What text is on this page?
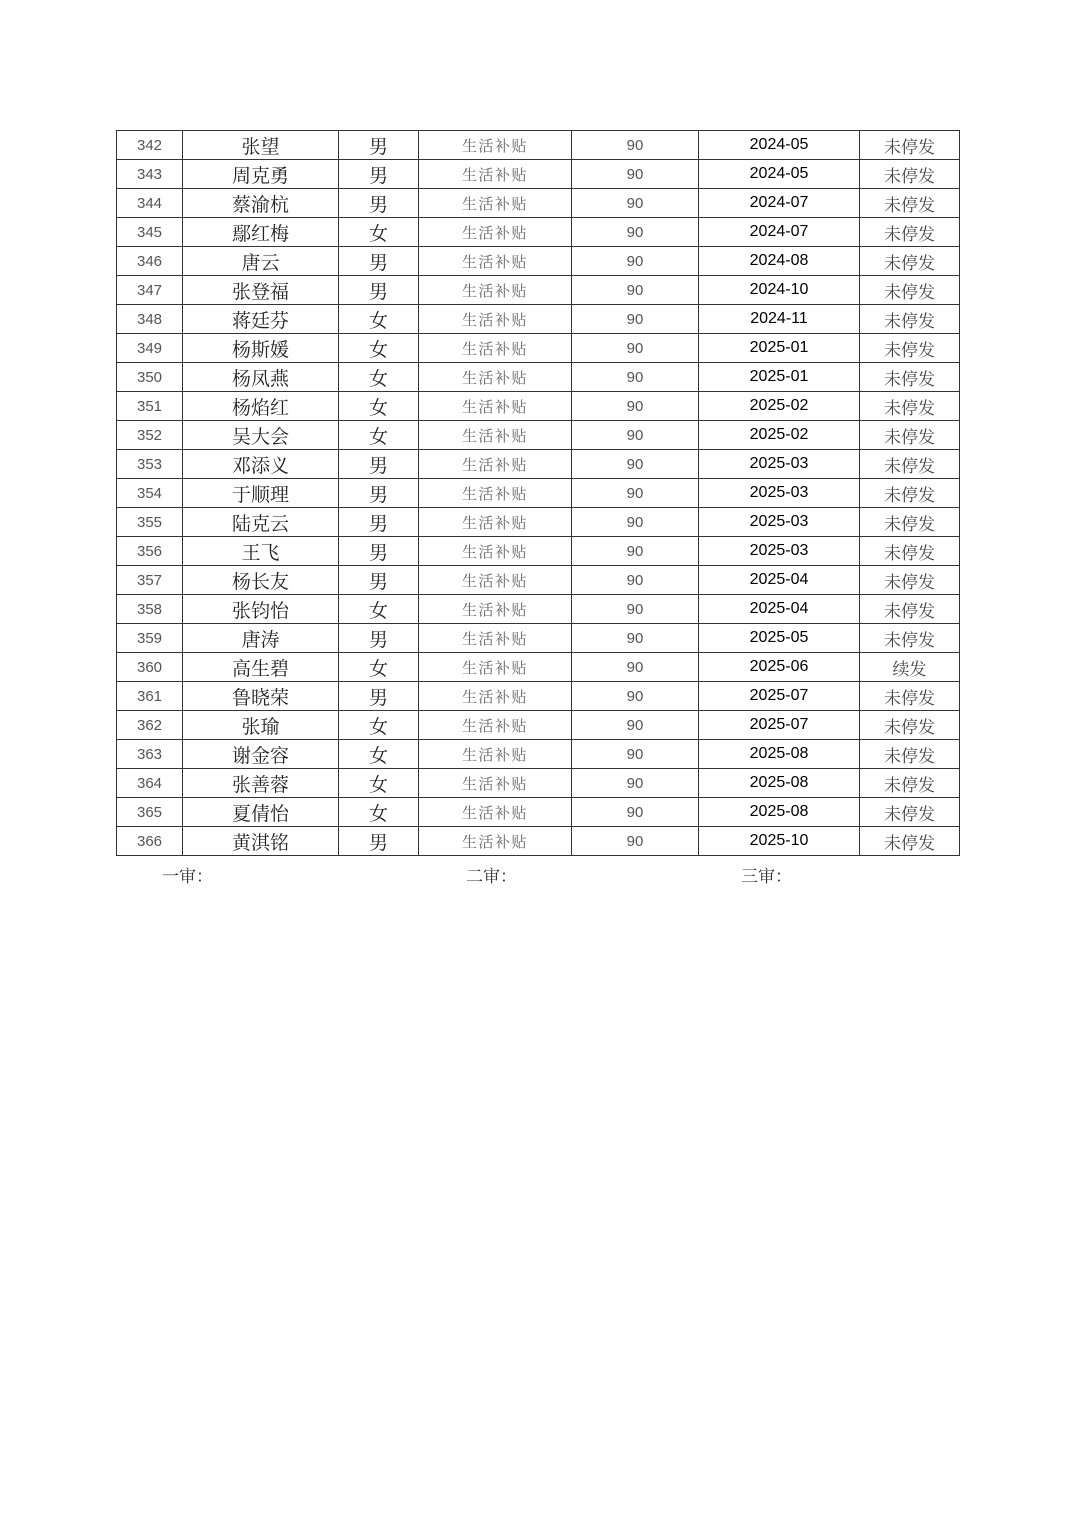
342	张望	男	生活补贴	90	2024-05	未停发
343	周克勇	男	生活补贴	90	2024-05	未停发
344	蔡渝杭	男	生活补贴	90	2024-07	未停发
345	鄢红梅	女	生活补贴	90	2024-07	未停发
346	唐云	男	生活补贴	90	2024-08	未停发
347	张登福	男	生活补贴	90	2024-10	未停发
348	蒋廷芬	女	生活补贴	90	2024-11	未停发
349	杨斯媛	女	生活补贴	90	2025-01	未停发
350	杨凤燕	女	生活补贴	90	2025-01	未停发
351	杨焰红	女	生活补贴	90	2025-02	未停发
352	吴大会	女	生活补贴	90	2025-02	未停发
353	邓添义	男	生活补贴	90	2025-03	未停发
354	于顺理	男	生活补贴	90	2025-03	未停发
355	陆克云	男	生活补贴	90	2025-03	未停发
356	王飞	男	生活补贴	90	2025-03	未停发
357	杨长友	男	生活补贴	90	2025-04	未停发
358	张钧怡	女	生活补贴	90	2025-04	未停发
359	唐涛	男	生活补贴	90	2025-05	未停发
360	高生碧	女	生活补贴	90	2025-06	续发
361	鲁晓荣	男	生活补贴	90	2025-07	未停发
362	张瑜	女	生活补贴	90	2025-07	未停发
363	谢金容	女	生活补贴	90	2025-08	未停发
364	张善蓉	女	生活补贴	90	2025-08	未停发
365	夏倩怡	女	生活补贴	90	2025-08	未停发
366	黄淇铭	男	生活补贴	90	2025-10	未停发
一审：	二审：	三审：
